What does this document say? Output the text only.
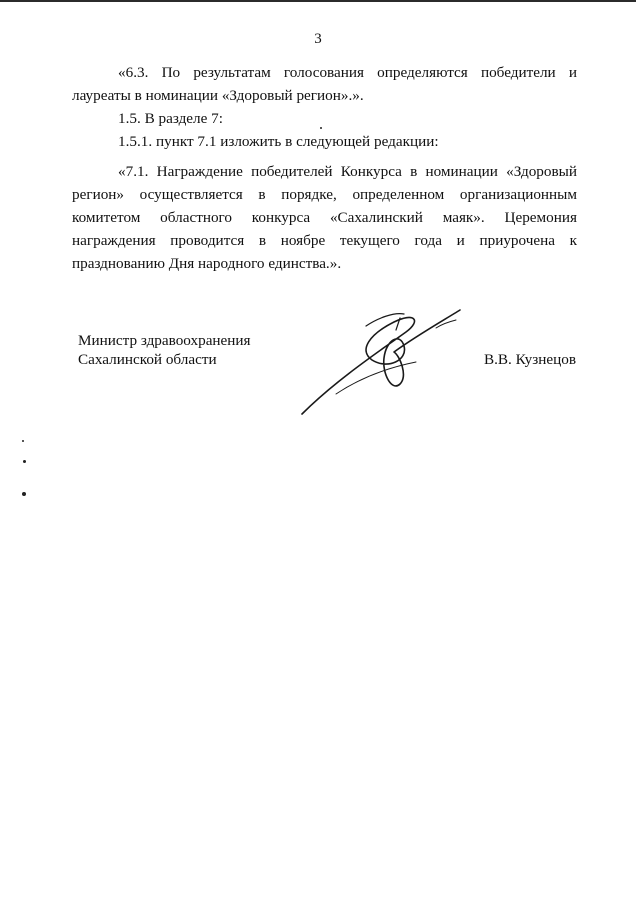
3
«6.3. По результатам голосования определяются победители и лауреаты в номинации «Здоровый регион».».
1.5. В разделе 7:
1.5.1. пункт 7.1 изложить в следующей редакции:
«7.1. Награждение победителей Конкурса в номинации «Здоровый регион» осуществляется в порядке, определенном организационным комитетом областного конкурса «Сахалинский маяк». Церемония награждения проводится в ноябре текущего года и приурочена к празднованию Дня народного единства.».
Министр здравоохранения
Сахалинской области	В.В. Кузнецов
